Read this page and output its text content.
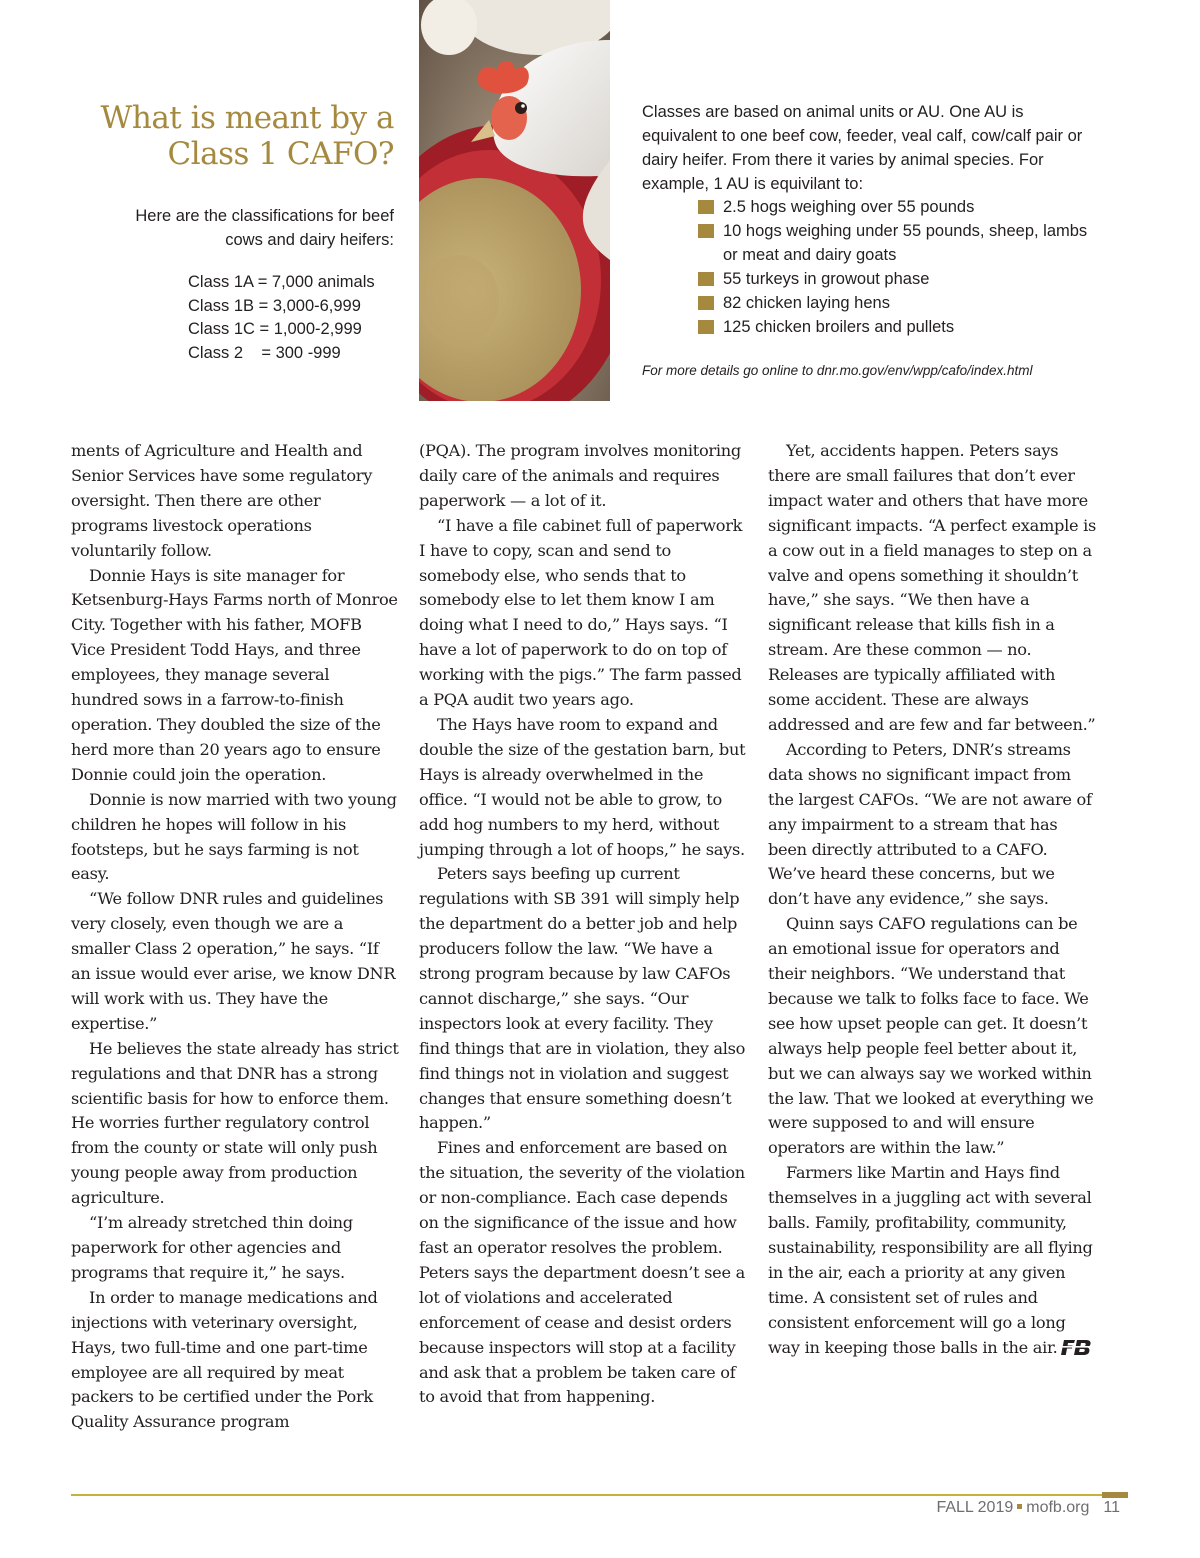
What is meant by a Class 1 CAFO?
Here are the classifications for beef cows and dairy heifers:
Class 1A = 7,000 animals
Class 1B = 3,000-6,999
Class 1C = 1,000-2,999
Class 2    = 300 -999

Classes are based on animal units or AU. One AU is equivalent to one beef cow, feeder, veal calf, cow/calf pair or dairy heifer. From there it varies by animal species. For example, 1 AU is equivilant to:

2.5 hogs weighing over 55 pounds
10 hogs weighing under 55 pounds, sheep, lambs or meat and dairy goats
55 turkeys in growout phase
82 chicken laying hens
125 chicken broilers and pullets
For more details go online to dnr.mo.gov/env/wpp/cafo/index.html

ments of Agriculture and Health and Senior Services have some regulatory oversight. Then there are other programs livestock operations voluntarily follow.

Donnie Hays is site manager for Ketsenburg-Hays Farms north of Monroe City. Together with his father, MOFB Vice President Todd Hays, and three employees, they manage several hundred sows in a farrow-to-finish operation. They doubled the size of the herd more than 20 years ago to ensure Donnie could join the operation.

Donnie is now married with two young children he hopes will follow in his footsteps, but he says farming is not easy.

“We follow DNR rules and guidelines very closely, even though we are a smaller Class 2 operation,” he says. “If an issue would ever arise, we know DNR will work with us. They have the expertise.”

He believes the state already has strict regulations and that DNR has a strong scientific basis for how to enforce them. He worries further regulatory control from the county or state will only push young people away from production agriculture.

“I’m already stretched thin doing paperwork for other agencies and programs that require it,” he says.

In order to manage medications and injections with veterinary oversight, Hays, two full-time and one part-time employee are all required by meat packers to be certified under the Pork Quality Assurance program

(PQA). The program involves monitoring daily care of the animals and requires paperwork — a lot of it.

“I have a file cabinet full of paperwork I have to copy, scan and send to somebody else, who sends that to somebody else to let them know I am doing what I need to do,” Hays says. “I have a lot of paperwork to do on top of working with the pigs.” The farm passed a PQA audit two years ago.

The Hays have room to expand and double the size of the gestation barn, but Hays is already overwhelmed in the office. “I would not be able to grow, to add hog numbers to my herd, without jumping through a lot of hoops,” he says.

Peters says beefing up current regulations with SB 391 will simply help the department do a better job and help producers follow the law. “We have a strong program because by law CAFOs cannot discharge,” she says. “Our inspectors look at every facility. They find things that are in violation, they also find things not in violation and suggest changes that ensure something doesn’t happen.”

Fines and enforcement are based on the situation, the severity of the violation or non-compliance. Each case depends on the significance of the issue and how fast an operator resolves the problem. Peters says the department doesn’t see a lot of violations and accelerated enforcement of cease and desist orders because inspectors will stop at a facility and ask that a problem be taken care of to avoid that from happening.

Yet, accidents happen. Peters says there are small failures that don’t ever impact water and others that have more significant impacts. “A perfect example is a cow out in a field manages to step on a valve and opens something it shouldn’t have,” she says. “We then have a significant release that kills fish in a stream. Are these common — no. Releases are typically affiliated with some accident. These are always addressed and are few and far between.”

According to Peters, DNR’s streams data shows no significant impact from the largest CAFOs. “We are not aware of any impairment to a stream that has been directly attributed to a CAFO. We’ve heard these concerns, but we don’t have any evidence,” she says.

Quinn says CAFO regulations can be an emotional issue for operators and their neighbors. “We understand that because we talk to folks face to face. We see how upset people can get. It doesn’t always help people feel better about it, but we can always say we worked within the law. That we looked at everything we were supposed to and will ensure operators are within the law.”

Farmers like Martin and Hays find themselves in a juggling act with several balls. Family, profitability, community, sustainability, responsibility are all flying in the air, each a priority at any given time. A consistent set of rules and consistent enforcement will go a long way in keeping those balls in the air.

FALL 2019 mofb.org 11
